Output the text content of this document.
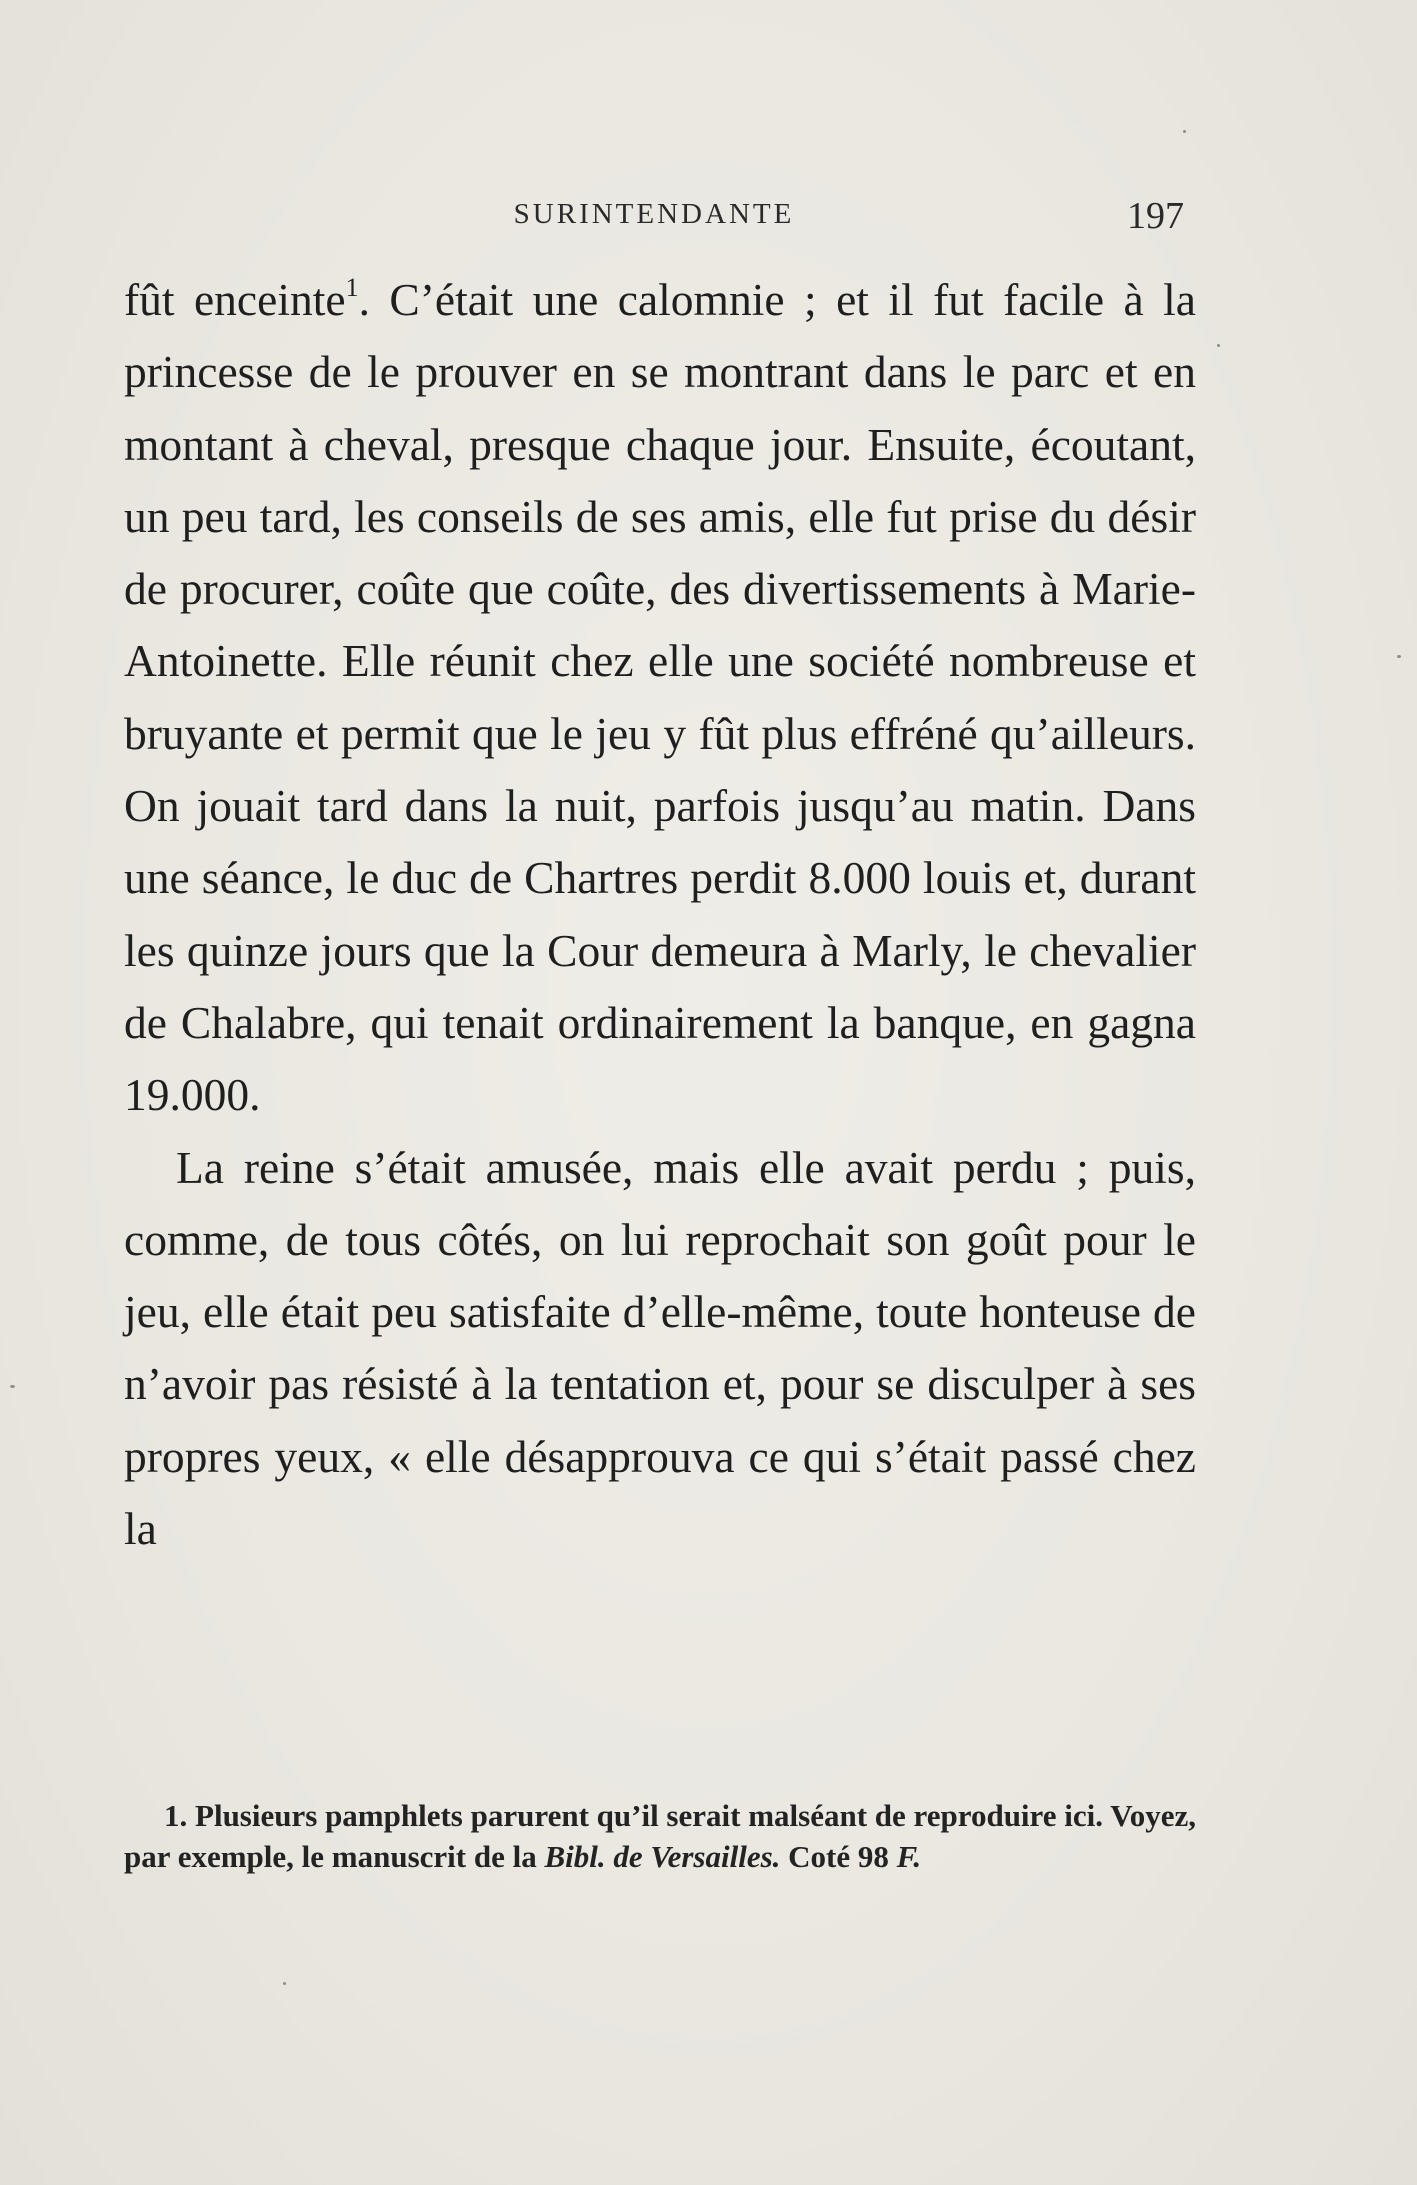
SURINTENDANTE	197

fût enceinte$^1$. C’était une calomnie ; et il fut facile à la princesse de le prouver en se montrant dans le parc et en montant à cheval, presque chaque jour. Ensuite, écoutant, un peu tard, les conseils de ses amis, elle fut prise du désir de procurer, coûte que coûte, des divertissements à Marie-Antoinette. Elle réunit chez elle une société nombreuse et bruyante et permit que le jeu y fût plus effréné qu’ailleurs. On jouait tard dans la nuit, parfois jusqu’au matin. Dans une séance, le duc de Chartres perdit 8.000 louis et, durant les quinze jours que la Cour demeura à Marly, le chevalier de Chalabre, qui tenait ordinairement la banque, en gagna 19.000.

La reine s’était amusée, mais elle avait perdu ; puis, comme, de tous côtés, on lui reprochait son goût pour le jeu, elle était peu satisfaite d’elle-même, toute honteuse de n’avoir pas résisté à la tentation et, pour se disculper à ses propres yeux, « elle désapprouva ce qui s’était passé chez la

1. Plusieurs pamphlets parurent qu’il serait malséant de reproduire ici. Voyez, par exemple, le manuscrit de la Bibl. de Versailles. Coté 98 F.
